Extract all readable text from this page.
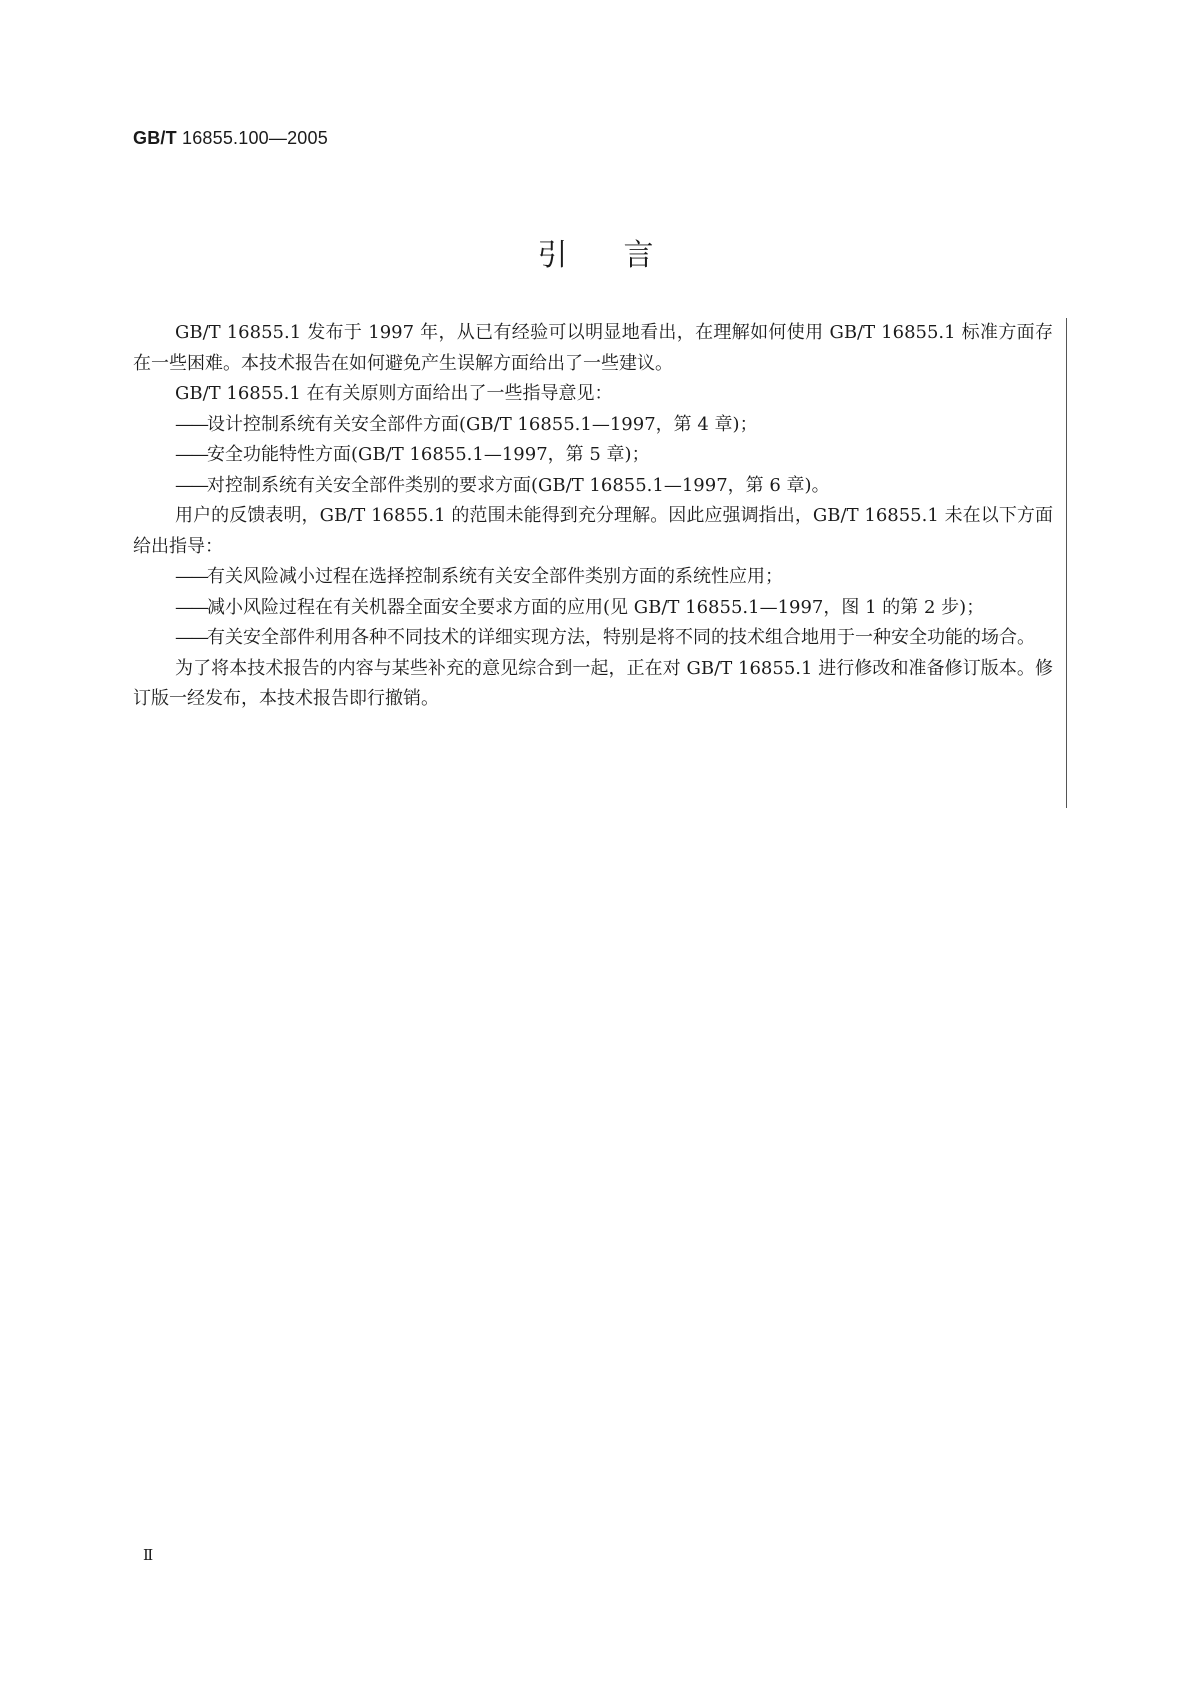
GB/T 16855.100—2005
引言
GB/T 16855.1 发布于 1997 年，从已有经验可以明显地看出，在理解如何使用 GB/T 16855.1 标准方面存在一些困难。本技术报告在如何避免产生误解方面给出了一些建议。
GB/T 16855.1 在有关原则方面给出了一些指导意见：
—— 设计控制系统有关安全部件方面(GB/T 16855.1—1997，第 4 章)；
—— 安全功能特性方面(GB/T 16855.1—1997，第 5 章)；
—— 对控制系统有关安全部件类别的要求方面(GB/T 16855.1—1997，第 6 章)。
用户的反馈表明，GB/T 16855.1 的范围未能得到充分理解。因此应强调指出，GB/T 16855.1 未在以下方面给出指导：
—— 有关风险减小过程在选择控制系统有关安全部件类别方面的系统性应用；
—— 减小风险过程在有关机器全面安全要求方面的应用(见 GB/T 16855.1—1997，图 1 的第 2 步)；
—— 有关安全部件利用各种不同技术的详细实现方法，特别是将不同的技术组合地用于一种安全功能的场合。
为了将本技术报告的内容与某些补充的意见综合到一起，正在对 GB/T 16855.1 进行修改和准备修订版本。修订版一经发布，本技术报告即行撤销。
Ⅱ
